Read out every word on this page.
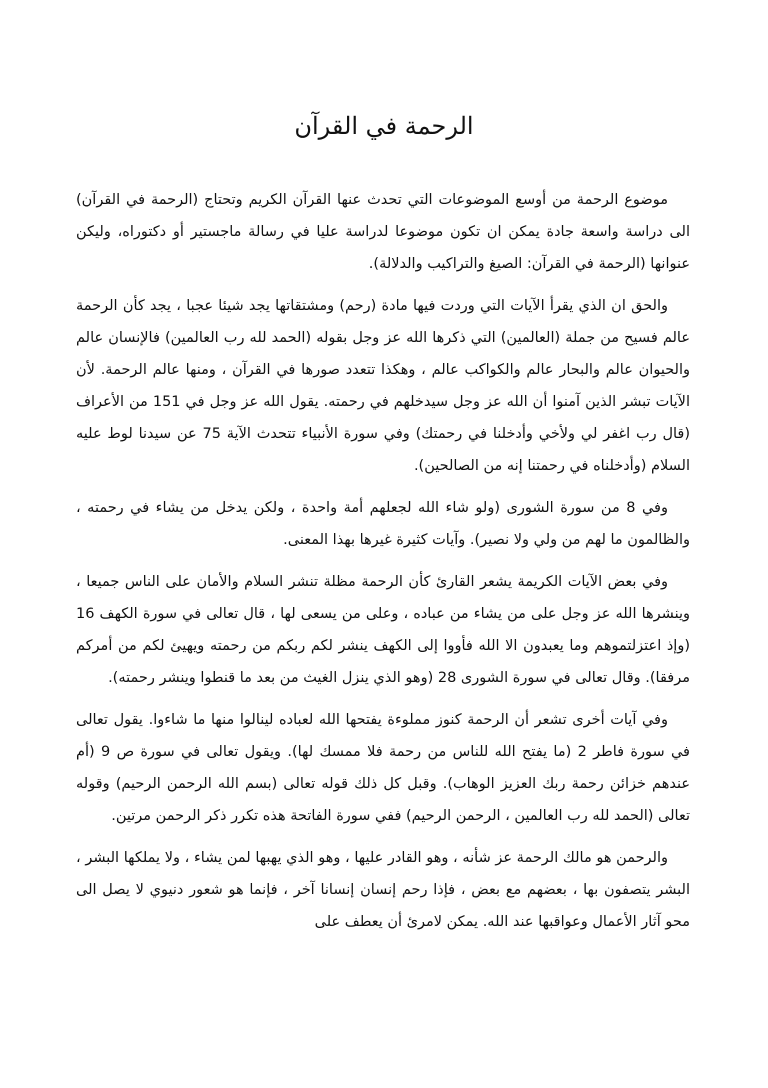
الرحمة في القرآن

موضوع الرحمة من أوسع الموضوعات التي تحدث عنها القرآن الكريم وتحتاج (الرحمة في القرآن) الى دراسة واسعة جادة يمكن ان تكون موضوعا لدراسة عليا في رسالة ماجستير أو دكتوراه، وليكن عنوانها (الرحمة في القرآن: الصيغ والتراكيب والدلالة).

والحق ان الذي يقرأ الآيات التي وردت فيها مادة (رحم) ومشتقاتها يجد شيئا عجبا ، يجد كأن الرحمة عالم فسيح من جملة (العالمين) التي ذكرها الله عز وجل بقوله (الحمد لله رب العالمين) فالإنسان عالم والحيوان عالم والبحار عالم والكواكب عالم ، وهكذا تتعدد صورها في القرآن ، ومنها عالم الرحمة. لأن الآيات تبشر الذين آمنوا أن الله عز وجل سيدخلهم في رحمته. يقول الله عز وجل في 151 من الأعراف (قال رب اغفر لي ولأخي وأدخلنا في رحمتك) وفي سورة الأنبياء تتحدث الآية 75 عن سيدنا لوط عليه السلام (وأدخلناه في رحمتنا إنه من الصالحين).

وفي 8 من سورة الشورى (ولو شاء الله لجعلهم أمة واحدة ، ولكن يدخل من يشاء في رحمته ، والظالمون ما لهم من ولي ولا نصير). وآيات كثيرة غيرها بهذا المعنى.

وفي بعض الآيات الكريمة يشعر القارئ كأن الرحمة مظلة تنشر السلام والأمان على الناس جميعا ، وينشرها الله عز وجل على من يشاء من عباده ، وعلى من يسعى لها ، قال تعالى في سورة الكهف 16 (وإذ اعتزلتموهم وما يعبدون الا الله فأووا إلى الكهف ينشر لكم ربكم من رحمته ويهيئ لكم من أمركم مرفقا). وقال تعالى في سورة الشورى 28 (وهو الذي ينزل الغيث من بعد ما قنطوا وينشر رحمته).

وفي آيات أخرى تشعر أن الرحمة كنوز مملوءة يفتحها الله لعباده لينالوا منها ما شاءوا. يقول تعالى في سورة فاطر 2 (ما يفتح الله للناس من رحمة فلا ممسك لها). ويقول تعالى في سورة ص 9 (أم عندهم خزائن رحمة ربك العزيز الوهاب). وقبل كل ذلك قوله تعالى (بسم الله الرحمن الرحيم) وقوله تعالى (الحمد لله رب العالمين ، الرحمن الرحيم) ففي سورة الفاتحة هذه تكرر ذكر الرحمن مرتين.

والرحمن هو مالك الرحمة عز شأنه ، وهو القادر عليها ، وهو الذي يهبها لمن يشاء ، ولا يملكها البشر ، البشر يتصفون بها ، بعضهم مع بعض ، فإذا رحم إنسان إنسانا آخر ، فإنما هو شعور دنيوي لا يصل الى محو آثار الأعمال وعواقبها عند الله. يمكن لامرئ أن يعطف على
